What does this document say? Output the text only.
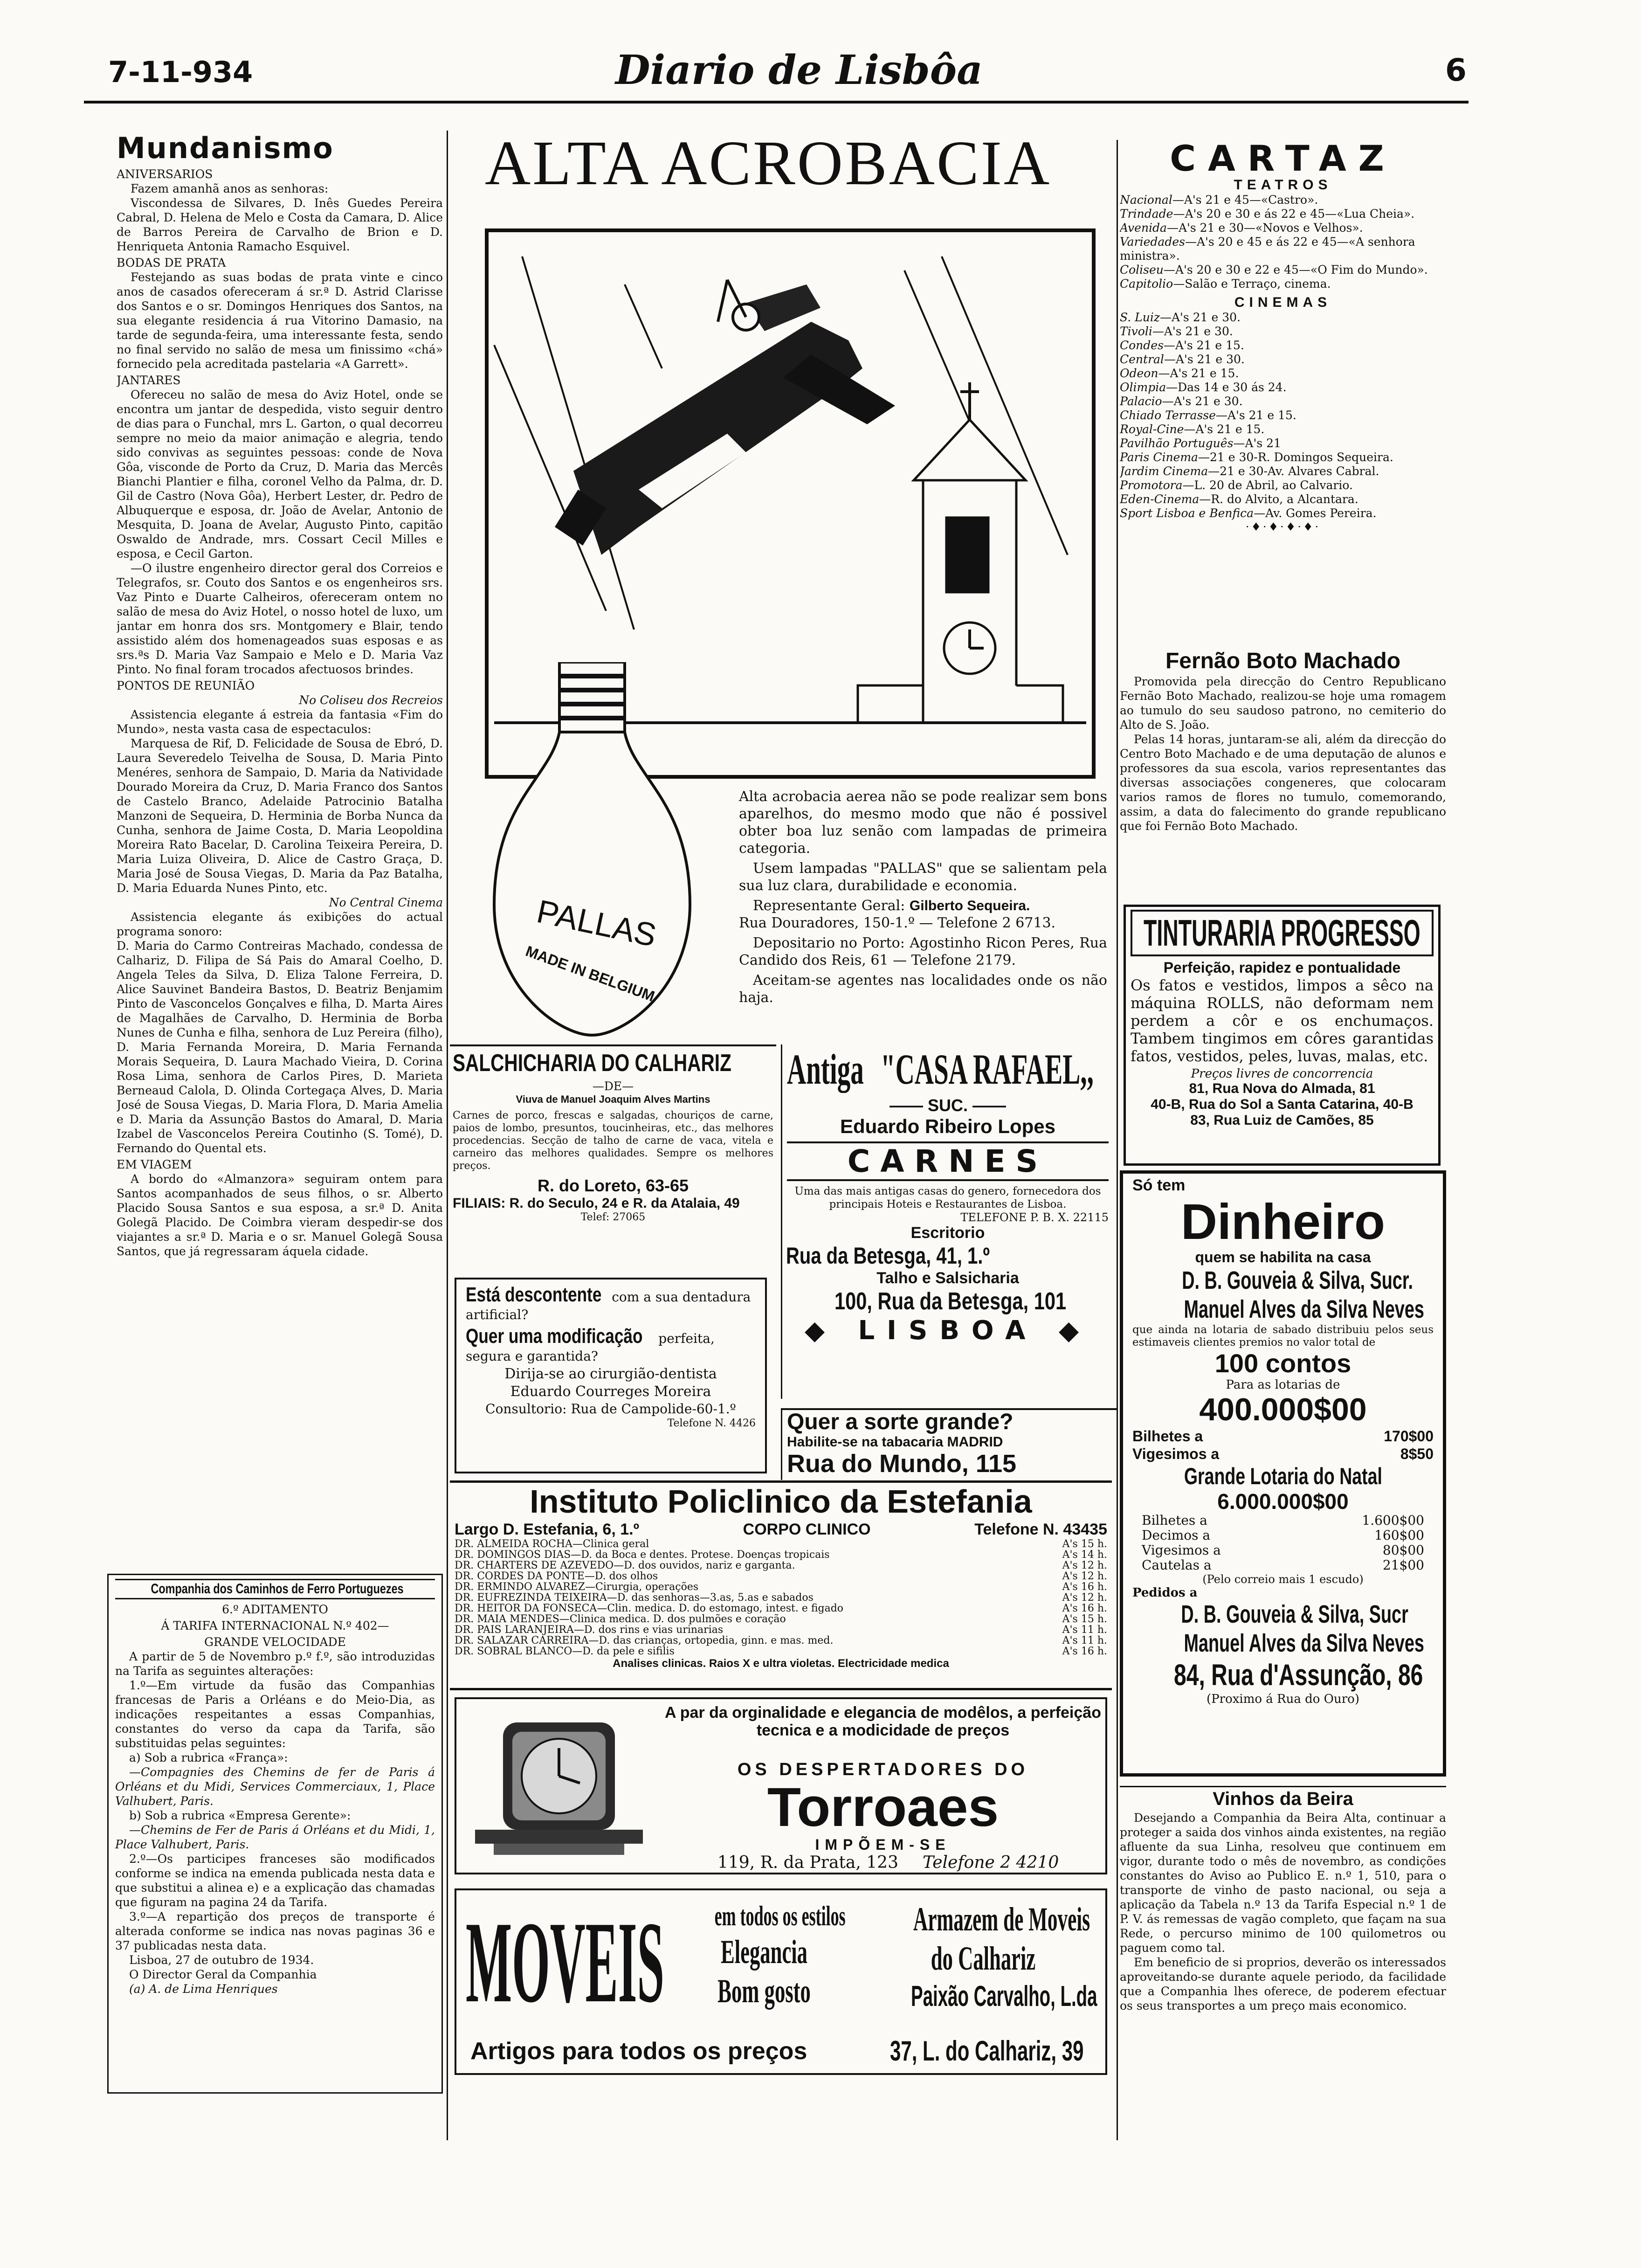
7-11-934	Diario de Lisbôa	6
Mundanismo
ANIVERSARIOS

Fazem amanhã anos as senhoras:

Viscondessa de Silvares, D. Inês Guedes Pereira Cabral, D. Helena de Melo e Costa da Camara, D. Alice de Barros Pereira de Carvalho de Brion e D. Henriqueta Antonia Ramacho Esquivel.

BODAS DE PRATA

Festejando as suas bodas de prata vinte e cinco anos de casados ofereceram á sr.ª D. Astrid Clarisse dos Santos e o sr. Domingos Henriques dos Santos, na sua elegante residencia á rua Vitorino Damasio, na tarde de segunda-feira, uma interessante festa, sendo no final servido no salão de mesa um finissimo «chá» fornecido pela acreditada pastelaria «A Garrett».

JANTARES

Ofereceu no salão de mesa do Aviz Hotel, onde se encontra um jantar de despedida, visto seguir dentro de dias para o Funchal, mrs L. Garton, o qual decorreu sempre no meio da maior animação e alegria, tendo sido convivas as seguintes pessoas: conde de Nova Gôa, visconde de Porto da Cruz, D. Maria das Mercês Bianchi Plantier e filha, coronel Velho da Palma, dr. D. Gil de Castro (Nova Gôa), Herbert Lester, dr. Pedro de Albuquerque e esposa, dr. João de Avelar, Antonio de Mesquita, D. Joana de Avelar, Augusto Pinto, capitão Oswaldo de Andrade, mrs. Cossart Cecil Milles e esposa, e Cecil Garton.

—O ilustre engenheiro director geral dos Correios e Telegrafos, sr. Couto dos Santos e os engenheiros srs. Vaz Pinto e Duarte Calheiros, ofereceram ontem no salão de mesa do Aviz Hotel, o nosso hotel de luxo, um jantar em honra dos srs. Montgomery e Blair, tendo assistido além dos homenageados suas esposas e as srs.ªs D. Maria Vaz Sampaio e Melo e D. Maria Vaz Pinto. No final foram trocados afectuosos brindes.

PONTOS DE REUNIÃO

No Coliseu dos Recreios

Assistencia elegante á estreia da fantasia «Fim do Mundo», nesta vasta casa de espectaculos:

Marquesa de Rif, D. Felicidade de Sousa de Ebró, D. Laura Severedelo Teivelha de Sousa, D. Maria Pinto Menéres, senhora de Sampaio, D. Maria da Natividade Dourado Moreira da Cruz, D. Maria Franco dos Santos de Castelo Branco, Adelaide Patrocinio Batalha Manzoni de Sequeira, D. Herminia de Borba Nunca da Cunha, senhora de Jaime Costa, D. Maria Leopoldina Moreira Rato Bacelar, D. Carolina Teixeira Pereira, D. Maria Luiza Oliveira, D. Alice de Castro Graça, D. Maria José de Sousa Viegas, D. Maria da Paz Batalha, D. Maria Eduarda Nunes Pinto, etc.

No Central Cinema

Assistencia elegante ás exibições do actual programa sonoro:

D. Maria do Carmo Contreiras Machado, condessa de Calhariz, D. Filipa de Sá Pais do Amaral Coelho, D. Angela Teles da Silva, D. Eliza Talone Ferreira, D. Alice Sauvinet Bandeira Bastos, D. Beatriz Benjamim Pinto de Vasconcelos Gonçalves e filha, D. Marta Aires de Magalhães de Carvalho, D. Herminia de Borba Nunes de Cunha e filha, senhora de Luz Pereira (filho), D. Maria Fernanda Moreira, D. Maria Fernanda Morais Sequeira, D. Laura Machado Vieira, D. Corina Rosa Lima, senhora de Carlos Pires, D. Marieta Berneaud Calola, D. Olinda Cortegaça Alves, D. Maria José de Sousa Viegas, D. Maria Flora, D. Maria Amelia e D. Maria da Assunção Bastos do Amaral, D. Maria Izabel de Vasconcelos Pereira Coutinho (S. Tomé), D. Fernando do Quental ets.

EM VIAGEM

A bordo do «Almanzora» seguiram ontem para Santos acompanhados de seus filhos, o sr. Alberto Placido Sousa Santos e sua esposa, a sr.ª D. Anita Golegã Placido. De Coimbra vieram despedir-se dos viajantes a sr.ª D. Maria e o sr. Manuel Golegã Sousa Santos, que já regressaram áquela cidade.

Companhia dos Caminhos de Ferro Portuguezes
6.º ADITAMENTO
Á TARIFA INTERNACIONAL N.º 402—
GRANDE VELOCIDADE

A partir de 5 de Novembro p.º f.º, são introduzidas na Tarifa as seguintes alterações:

1.º—Em virtude da fusão das Companhias francesas de Paris a Orléans e do Meio-Dia, as indicações respeitantes a essas Companhias, constantes do verso da capa da Tarifa, são substituidas pelas seguintes:

a) Sob a rubrica «França»:

—Compagnies des Chemins de fer de Paris á Orléans et du Midi, Services Commerciaux, 1, Place Valhubert, Paris.

b) Sob a rubrica «Empresa Gerente»:

—Chemins de Fer de Paris á Orléans et du Midi, 1, Place Valhubert, Paris.

2.º—Os participes franceses são modificados conforme se indica na emenda publicada nesta data e que substitui a alinea e) e a explicação das chamadas que figuram na pagina 24 da Tarifa.

3.º—A repartição dos preços de transporte é alterada conforme se indica nas novas paginas 36 e 37 publicadas nesta data.

Lisboa, 27 de outubro de 1934.

O Director Geral da Companhia

(a) A. de Lima Henriques

ALTA ACROBACIA
PALLAS
MADE IN BELGIUM

Alta acrobacia aerea não se pode realizar sem bons aparelhos, do mesmo modo que não é possivel obter boa luz senão com lampadas de primeira categoria.

Usem lampadas "PALLAS" que se salientam pela sua luz clara, durabilidade e economia.

Representante Geral: Gilberto Sequeira.

Rua Douradores, 150-1.º — Telefone 2 6713.

Depositario no Porto: Agostinho Ricon Peres, Rua Candido dos Reis, 61 — Telefone 2179.

Aceitam-se agentes nas localidades onde os não haja.

SALCHICHARIA DO CALHARIZ
—DE—
Viuva de Manuel Joaquim Alves Martins

Carnes de porco, frescas e salgadas, chouriços de carne, paios de lombo, presuntos, toucinheiras, etc., das melhores procedencias. Secção de talho de carne de vaca, vitela e carneiro das melhores qualidades. Sempre os melhores preços.

R. do Loreto, 63-65
FILIAIS: R. do Seculo, 24 e R. da Atalaia, 49
Telef: 27065
Está descontente com a sua dentadura artificial?
Quer uma modificação perfeita, segura e garantida?
Dirija-se ao cirurgião-dentista
Eduardo Courreges Moreira
Consultorio: Rua de Campolide-60-1.º
Telefone N. 4426
Antiga "CASA RAFAEL,,
—— SUC. ——
Eduardo Ribeiro Lopes
CARNES

Uma das mais antigas casas do genero, fornecedora dos principais Hoteis e Restaurantes de Lisboa.

TELEFONE P. B. X. 22115
Escritorio
Rua da Betesga, 41, 1.º
Talho e Salsicharia
100, Rua da Betesga, 101
◆ LISBOA ◆
Quer a sorte grande?
Habilite-se na tabacaria MADRID
Rua do Mundo, 115
Instituto Policlinico da Estefania
Largo D. Estefania, 6, 1.º	CORPO CLINICO	Telefone N. 43435
DR. ALMEIDA ROCHA—Clinica geral	A's 15 h.
DR. DOMINGOS DIAS—D. da Boca e dentes. Protese. Doenças tropicais	A's 14 h.
DR. CHARTERS DE AZEVEDO—D. dos ouvidos, nariz e garganta.	A's 12 h.
DR. CORDES DA PONTE—D. dos olhos	A's 12 h.
DR. ERMINDO ALVAREZ—Cirurgia, operações	A's 16 h.
DR. EUFREZINDA TEIXEIRA—D. das senhoras—3.as, 5.as e sabados	A's 12 h.
DR. HEITOR DA FONSECA—Clin. medica. D. do estomago, intest. e figado	A's 16 h.
DR. MAIA MENDES—Clinica medica. D. dos pulmões e coração	A's 15 h.
DR. PAIS LARANJEIRA—D. dos rins e vias urinarias	A's 11 h.
DR. SALAZAR CARREIRA—D. das crianças, ortopedia, ginn. e mas. med.	A's 11 h.
DR. SOBRAL BLANCO—D. da pele e sifilis	A's 16 h.
Analises clinicas. Raios X e ultra violetas. Electricidade medica
A par da orginalidade e elegancia de modêlos, a perfeição tecnica e a modicidade de preços
OS DESPERTADORES DO
Torroaes
IMPÕEM-SE
119, R. da Prata, 123 Telefone 2 4210
MOVEIS	em todos os estilos
Elegancia
Bom gosto
Armazem de Moveis
do Calhariz
Paixão Carvalho, L.da
Artigos para todos os preços	37, L. do Calhariz, 39
CARTAZ
TEATROS
Nacional—A's 21 e 45—«Castro».
Trindade—A's 20 e 30 e ás 22 e 45—«Lua Cheia».
Avenida—A's 21 e 30—«Novos e Velhos».
Variedades—A's 20 e 45 e ás 22 e 45—«A senhora ministra».
Coliseu—A's 20 e 30 e 22 e 45—«O Fim do Mundo».
Capitolio—Salão e Terraço, cinema.
CINEMAS
S. Luiz—A's 21 e 30.
Tivoli—A's 21 e 30.
Condes—A's 21 e 15.
Central—A's 21 e 30.
Odeon—A's 21 e 15.
Olimpia—Das 14 e 30 ás 24.
Palacio—A's 21 e 30.
Chiado Terrasse—A's 21 e 15.
Royal-Cine—A's 21 e 15.
Pavilhão Português—A's 21
Paris Cinema—21 e 30-R. Domingos Sequeira.
Jardim Cinema—21 e 30-Av. Alvares Cabral.
Promotora—L. 20 de Abril, ao Calvario.
Eden-Cinema—R. do Alvito, a Alcantara.
Sport Lisboa e Benfica—Av. Gomes Pereira.
·♦·♦·♦·♦·
Fernão Boto Machado

Promovida pela direcção do Centro Republicano Fernão Boto Machado, realizou-se hoje uma romagem ao tumulo do seu saudoso patrono, no cemiterio do Alto de S. João.

Pelas 14 horas, juntaram-se ali, além da direcção do Centro Boto Machado e de uma deputação de alunos e professores da sua escola, varios representantes das diversas associações congeneres, que colocaram varios ramos de flores no tumulo, comemorando, assim, a data do falecimento do grande republicano que foi Fernão Boto Machado.

TINTURARIA PROGRESSO
Perfeição, rapidez e pontualidade

Os fatos e vestidos, limpos a sêco na máquina ROLLS, não deformam nem perdem a côr e os enchumaços. Tambem tingimos em côres garantidas fatos, vestidos, peles, luvas, malas, etc.

Preços livres de concorrencia
81, Rua Nova do Almada, 81
40-B, Rua do Sol a Santa Catarina, 40-B
83, Rua Luiz de Camões, 85
Só tem
Dinheiro
quem se habilita na casa
D. B. Gouveia & Silva, Sucr.
Manuel Alves da Silva Neves

que ainda na lotaria de sabado distribuiu pelos seus estimaveis clientes premios no valor total de

100 contos
Para as lotarias de
400.000$00
Bilhetes a	170$00
Vigesimos a	8$50
Grande Lotaria do Natal
6.000.000$00
Bilhetes a	1.600$00
Decimos a	160$00
Vigesimos a	80$00
Cautelas a	21$00
(Pelo correio mais 1 escudo)
Pedidos a
D. B. Gouveia & Silva, Sucr
Manuel Alves da Silva Neves
84, Rua d'Assunção, 86
(Proximo á Rua do Ouro)
Vinhos da Beira

Desejando a Companhia da Beira Alta, continuar a proteger a saida dos vinhos ainda existentes, na região afluente da sua Linha, resolveu que continuem em vigor, durante todo o mês de novembro, as condições constantes do Aviso ao Publico E. n.º 1, 510, para o transporte de vinho de pasto nacional, ou seja a aplicação da Tabela n.º 13 da Tarifa Especial n.º 1 de P. V. ás remessas de vagão completo, que façam na sua Rede, o percurso minimo de 100 quilometros ou paguem como tal.

Em beneficio de si proprios, deverão os interessados aproveitando-se durante aquele periodo, da facilidade que a Companhia lhes oferece, de poderem efectuar os seus transportes a um preço mais economico.
